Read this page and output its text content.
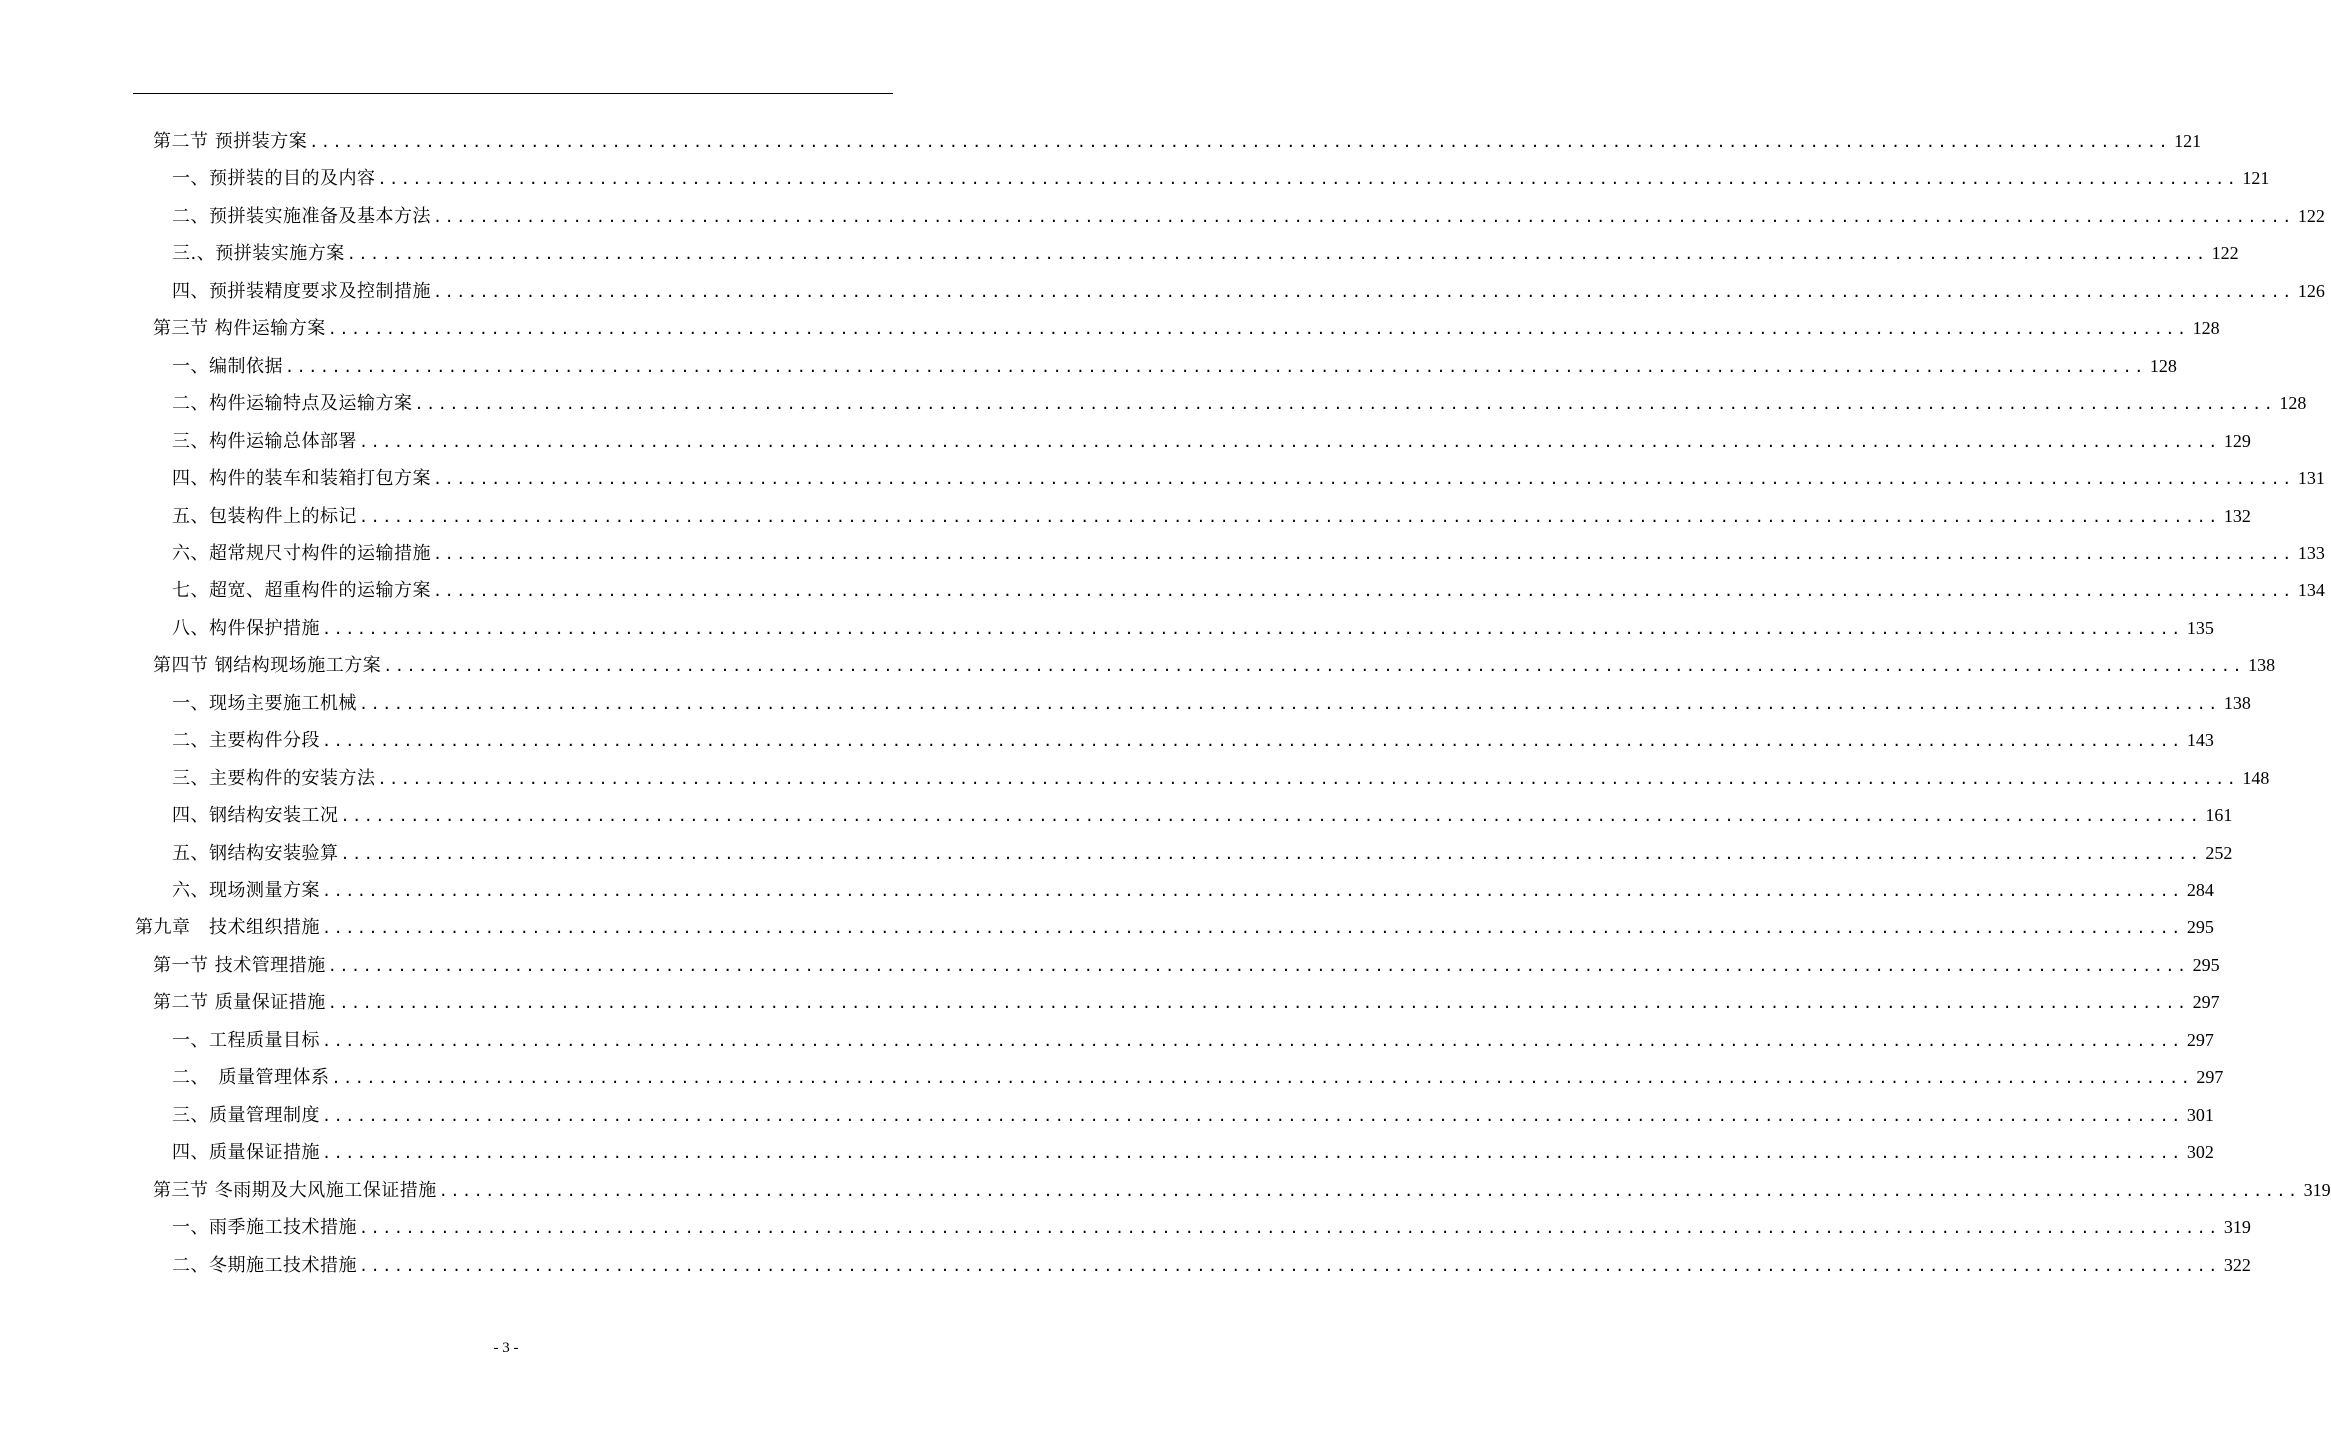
第二节 预拼装方案 ................................................................................................................................................................ 121
一、预拼装的目的及内容 ................................................................................................................................................................ 121
二、预拼装实施准备及基本方法 ................................................................................................................................................................ 122
三.、预拼装实施方案 ................................................................................................................................................................ 122
四、预拼装精度要求及控制措施 ................................................................................................................................................................ 126
第三节 构件运输方案 ................................................................................................................................................................ 128
一、编制依据 ................................................................................................................................................................ 128
二、构件运输特点及运输方案 ................................................................................................................................................................ 128
三、构件运输总体部署 ................................................................................................................................................................ 129
四、构件的装车和装箱打包方案 ................................................................................................................................................................ 131
五、包装构件上的标记 ................................................................................................................................................................ 132
六、超常规尺寸构件的运输措施 ................................................................................................................................................................ 133
七、超宽、超重构件的运输方案 ................................................................................................................................................................ 134
八、构件保护措施 ................................................................................................................................................................ 135
第四节 钢结构现场施工方案 ................................................................................................................................................................ 138
一、现场主要施工机械 ................................................................................................................................................................ 138
二、主要构件分段 ................................................................................................................................................................ 143
三、主要构件的安装方法 ................................................................................................................................................................ 148
四、钢结构安装工况 ................................................................................................................................................................ 161
五、钢结构安装验算 ................................................................................................................................................................ 252
六、现场测量方案 ................................................................................................................................................................ 284
第九章　技术组织措施 ................................................................................................................................................................ 295
第一节 技术管理措施 ................................................................................................................................................................ 295
第二节 质量保证措施 ................................................................................................................................................................ 297
一、工程质量目标 ................................................................................................................................................................ 297
二、　质量管理体系 ................................................................................................................................................................ 297
三、质量管理制度 ................................................................................................................................................................ 301
四、质量保证措施 ................................................................................................................................................................ 302
第三节 冬雨期及大风施工保证措施 ................................................................................................................................................................ 319
一、雨季施工技术措施 ................................................................................................................................................................ 319
二、冬期施工技术措施 ................................................................................................................................................................ 322
- 3 -
